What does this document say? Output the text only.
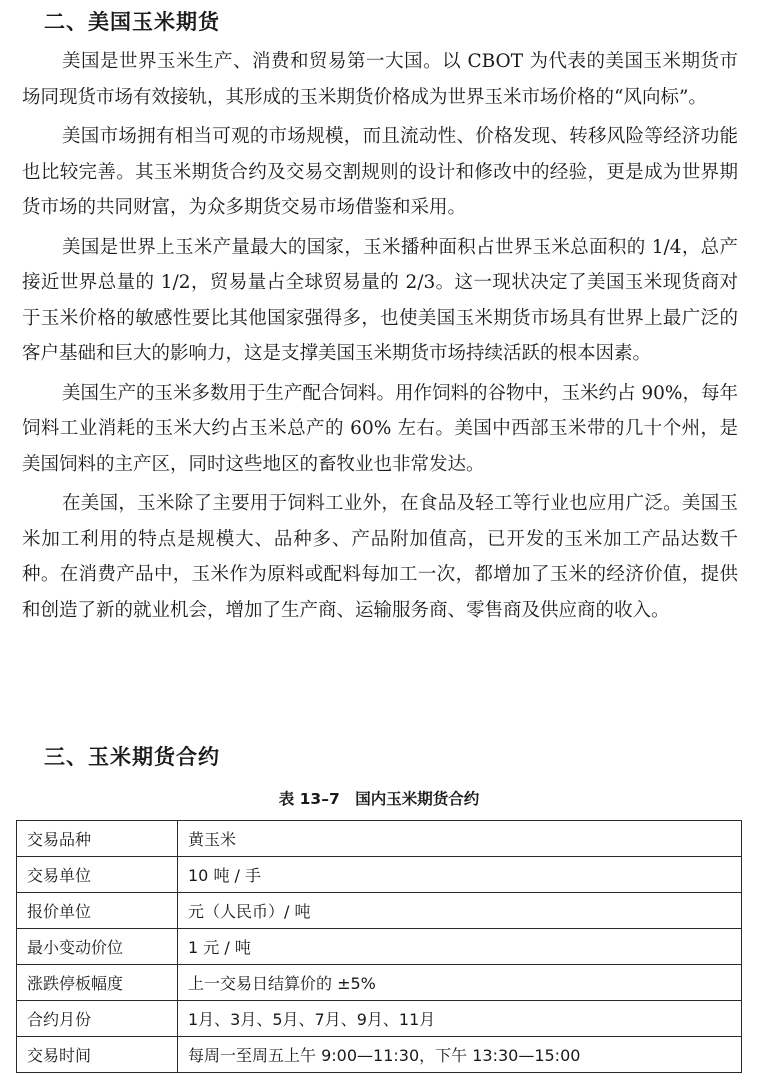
二、美国玉米期货

美国是世界玉米生产、消费和贸易第一大国。以 CBOT 为代表的美国玉米期货市场同现货市场有效接轨，其形成的玉米期货价格成为世界玉米市场价格的“风向标”。

美国市场拥有相当可观的市场规模，而且流动性、价格发现、转移风险等经济功能也比较完善。其玉米期货合约及交易交割规则的设计和修改中的经验，更是成为世界期货市场的共同财富，为众多期货交易市场借鉴和采用。

美国是世界上玉米产量最大的国家，玉米播种面积占世界玉米总面积的 1/4，总产接近世界总量的 1/2，贸易量占全球贸易量的 2/3。这一现状决定了美国玉米现货商对于玉米价格的敏感性要比其他国家强得多，也使美国玉米期货市场具有世界上最广泛的客户基础和巨大的影响力，这是支撑美国玉米期货市场持续活跃的根本因素。

美国生产的玉米多数用于生产配合饲料。用作饲料的谷物中，玉米约占 90%，每年饲料工业消耗的玉米大约占玉米总产的 60% 左右。美国中西部玉米带的几十个州，是美国饲料的主产区，同时这些地区的畜牧业也非常发达。

在美国，玉米除了主要用于饲料工业外，在食品及轻工等行业也应用广泛。美国玉米加工利用的特点是规模大、品种多、产品附加值高，已开发的玉米加工产品达数千种。在消费产品中，玉米作为原料或配料每加工一次，都增加了玉米的经济价值，提供和创造了新的就业机会，增加了生产商、运输服务商、零售商及供应商的收入。

三、玉米期货合约
表 13–7　国内玉米期货合约
交易品种	黄玉米
交易单位	10 吨 / 手
报价单位	元（人民币）/ 吨
最小变动价位	1 元 / 吨
涨跌停板幅度	上一交易日结算价的 ±5%
合约月份	1月、3月、5月、7月、9月、11月
交易时间	每周一至周五上午 9:00—11:30，下午 13:30—15:00
